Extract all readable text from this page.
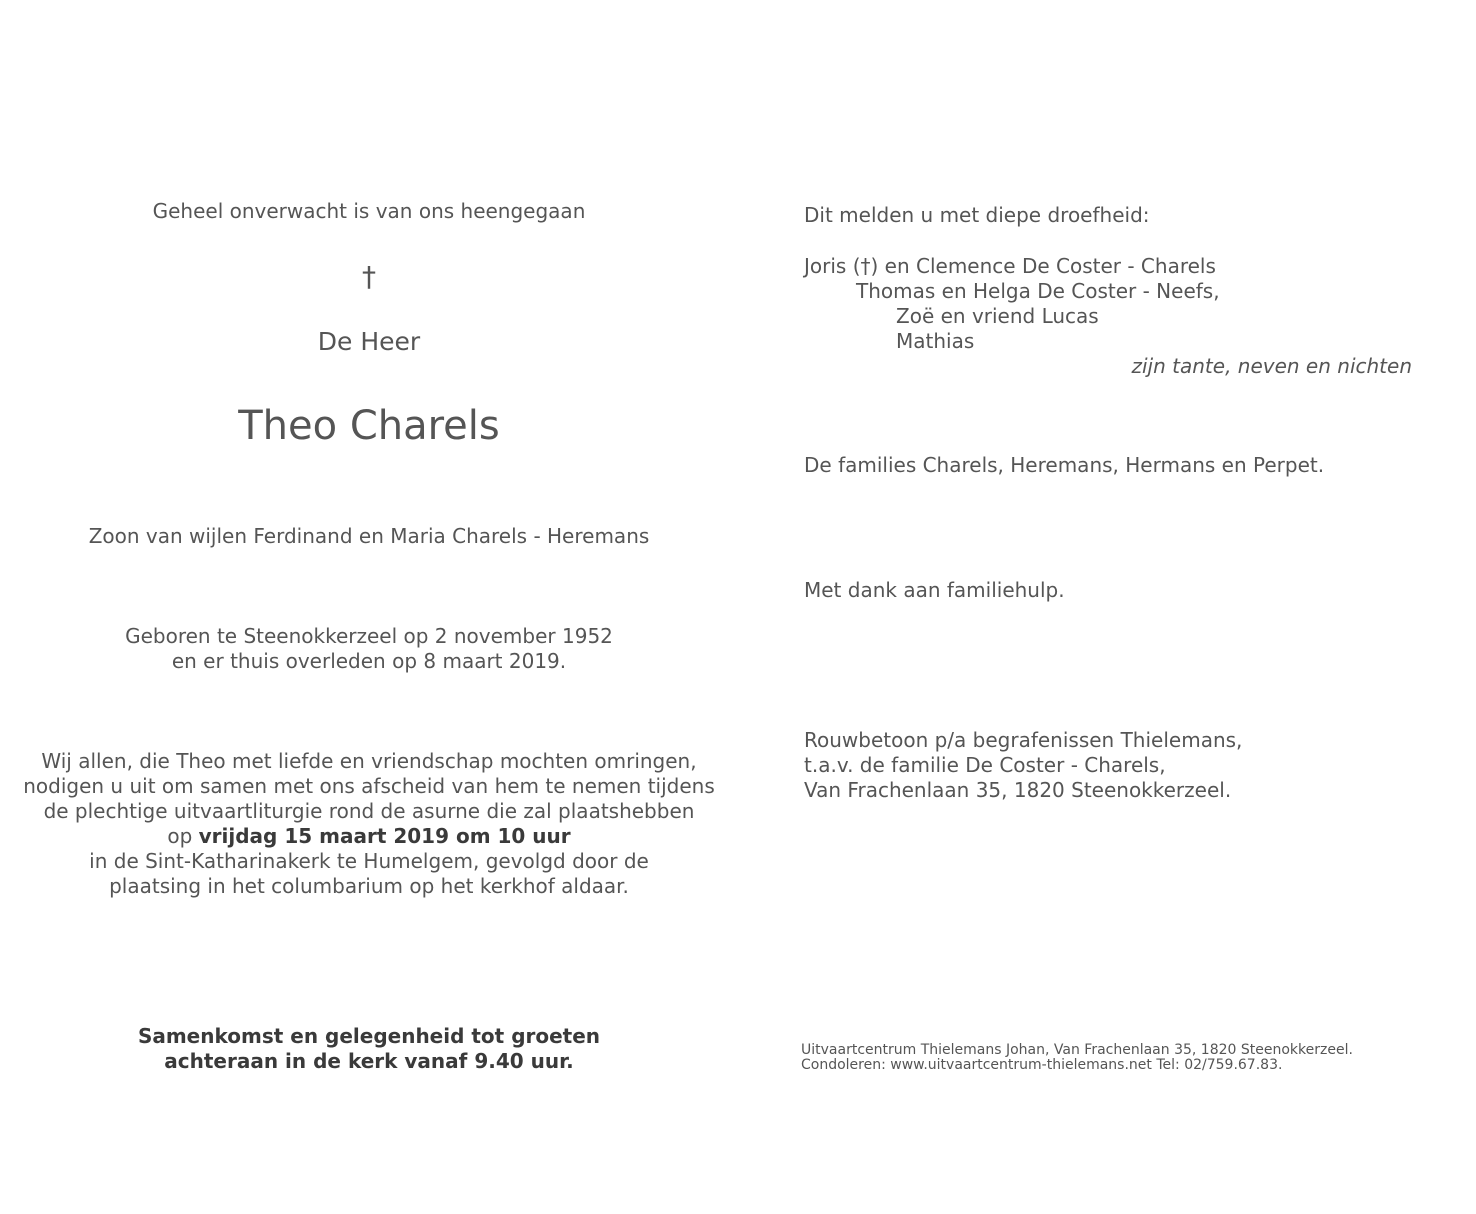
Geheel onverwacht is van ons heengegaan
†
De Heer
Theo Charels
Zoon van wijlen Ferdinand en Maria Charels - Heremans
Geboren te Steenokkerzeel op 2 november 1952
en er thuis overleden op 8 maart 2019.
Wij allen, die Theo met liefde en vriendschap mochten omringen,
nodigen u uit om samen met ons afscheid van hem te nemen tijdens
de plechtige uitvaartliturgie rond de asurne die zal plaatshebben
op vrijdag 15 maart 2019 om 10 uur
in de Sint-Katharinakerk te Humelgem, gevolgd door de
plaatsing in het columbarium op het kerkhof aldaar.
Samenkomst en gelegenheid tot groeten
achteraan in de kerk vanaf 9.40 uur.
Dit melden u met diepe droefheid:
Joris (†) en Clemence De Coster - Charels
Thomas en Helga De Coster - Neefs,
Zoë en vriend Lucas
Mathias
zijn tante, neven en nichten
De families Charels, Heremans, Hermans en Perpet.
Met dank aan familiehulp.
Rouwbetoon p/a begrafenissen Thielemans,
t.a.v. de familie De Coster - Charels,
Van Frachenlaan 35, 1820 Steenokkerzeel.
Uitvaartcentrum Thielemans Johan, Van Frachenlaan 35, 1820 Steenokkerzeel.
Condoleren: www.uitvaartcentrum-thielemans.net Tel: 02/759.67.83.
